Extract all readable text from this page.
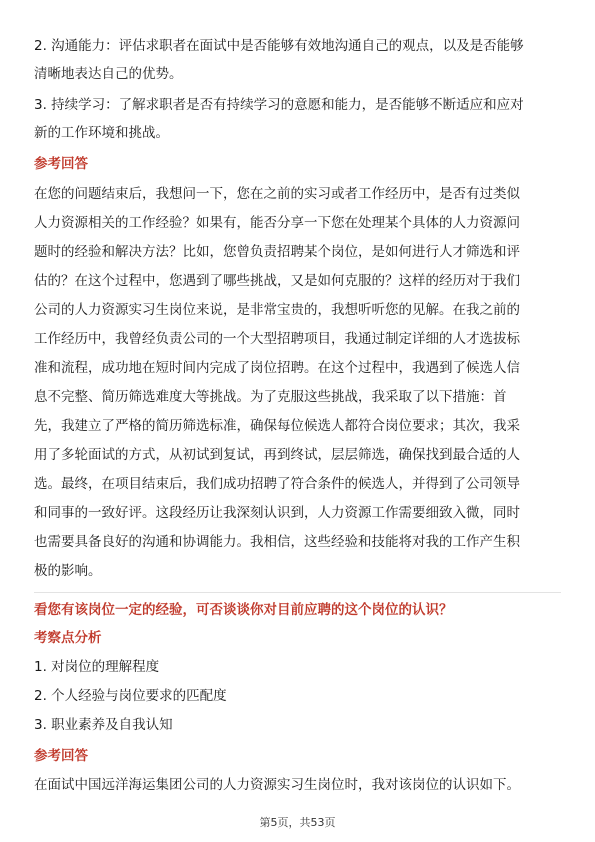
2. 沟通能力：评估求职者在面试中是否能够有效地沟通自己的观点，以及是否能够
清晰地表达自己的优势。
3. 持续学习：了解求职者是否有持续学习的意愿和能力，是否能够不断适应和应对
新的工作环境和挑战。
参考回答
在您的问题结束后，我想问一下，您在之前的实习或者工作经历中，是否有过类似
人力资源相关的工作经验？如果有，能否分享一下您在处理某个具体的人力资源问
题时的经验和解决方法？比如，您曾负责招聘某个岗位，是如何进行人才筛选和评
估的？在这个过程中，您遇到了哪些挑战，又是如何克服的？这样的经历对于我们
公司的人力资源实习生岗位来说，是非常宝贵的，我想听听您的见解。在我之前的
工作经历中，我曾经负责公司的一个大型招聘项目，我通过制定详细的人才选拔标
准和流程，成功地在短时间内完成了岗位招聘。在这个过程中，我遇到了候选人信
息不完整、简历筛选难度大等挑战。为了克服这些挑战，我采取了以下措施：首
先，我建立了严格的简历筛选标准，确保每位候选人都符合岗位要求；其次，我采
用了多轮面试的方式，从初试到复试，再到终试，层层筛选，确保找到最合适的人
选。最终，在项目结束后，我们成功招聘了符合条件的候选人，并得到了公司领导
和同事的一致好评。这段经历让我深刻认识到，人力资源工作需要细致入微，同时
也需要具备良好的沟通和协调能力。我相信，这些经验和技能将对我的工作产生积
极的影响。
看您有该岗位一定的经验，可否谈谈你对目前应聘的这个岗位的认识？
考察点分析
1. 对岗位的理解程度
2. 个人经验与岗位要求的匹配度
3. 职业素养及自我认知
参考回答
在面试中国远洋海运集团公司的人力资源实习生岗位时，我对该岗位的认识如下。
第5页，共53页
